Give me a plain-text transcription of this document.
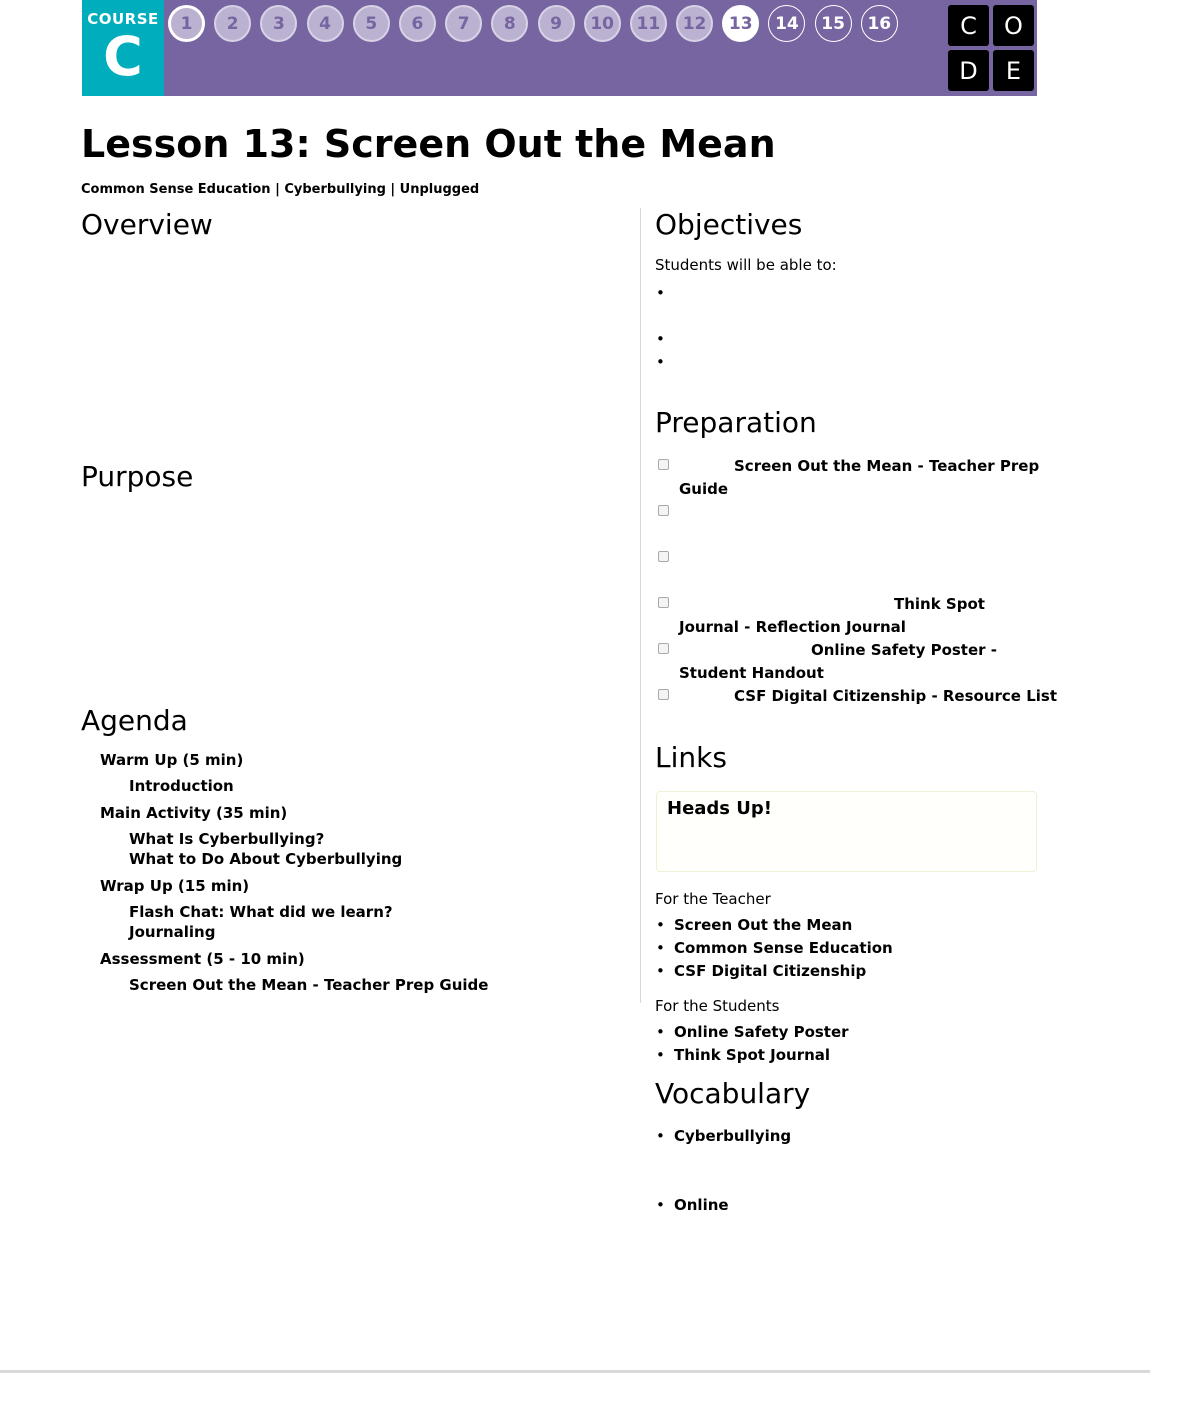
COURSE
C
1	2	3	4	5	6	7	8	9	10	11	12	13	14	15	16	C	O
D	E
Lesson 13: Screen Out the Mean
Common Sense Education | Cyberbullying | Unplugged
Overview
Purpose
Agenda
Warm Up (5 min)
Introduction
Main Activity (35 min)
What Is Cyberbullying?
What to Do About Cyberbullying
Wrap Up (15 min)
Flash Chat: What did we learn?
Journaling
Assessment (5 - 10 min)
Screen Out the Mean - Teacher Prep Guide
Objectives
Students will be able to:
•
•
•
Preparation
Screen Out the Mean - Teacher Prep
Guide
Think Spot
Journal - Reflection Journal
Online Safety Poster -
Student Handout
CSF Digital Citizenship - Resource List
Links
Heads Up!
For the Teacher
• Screen Out the Mean
• Common Sense Education
• CSF Digital Citizenship
For the Students
• Online Safety Poster
• Think Spot Journal
Vocabulary
• Cyberbullying
• Online
